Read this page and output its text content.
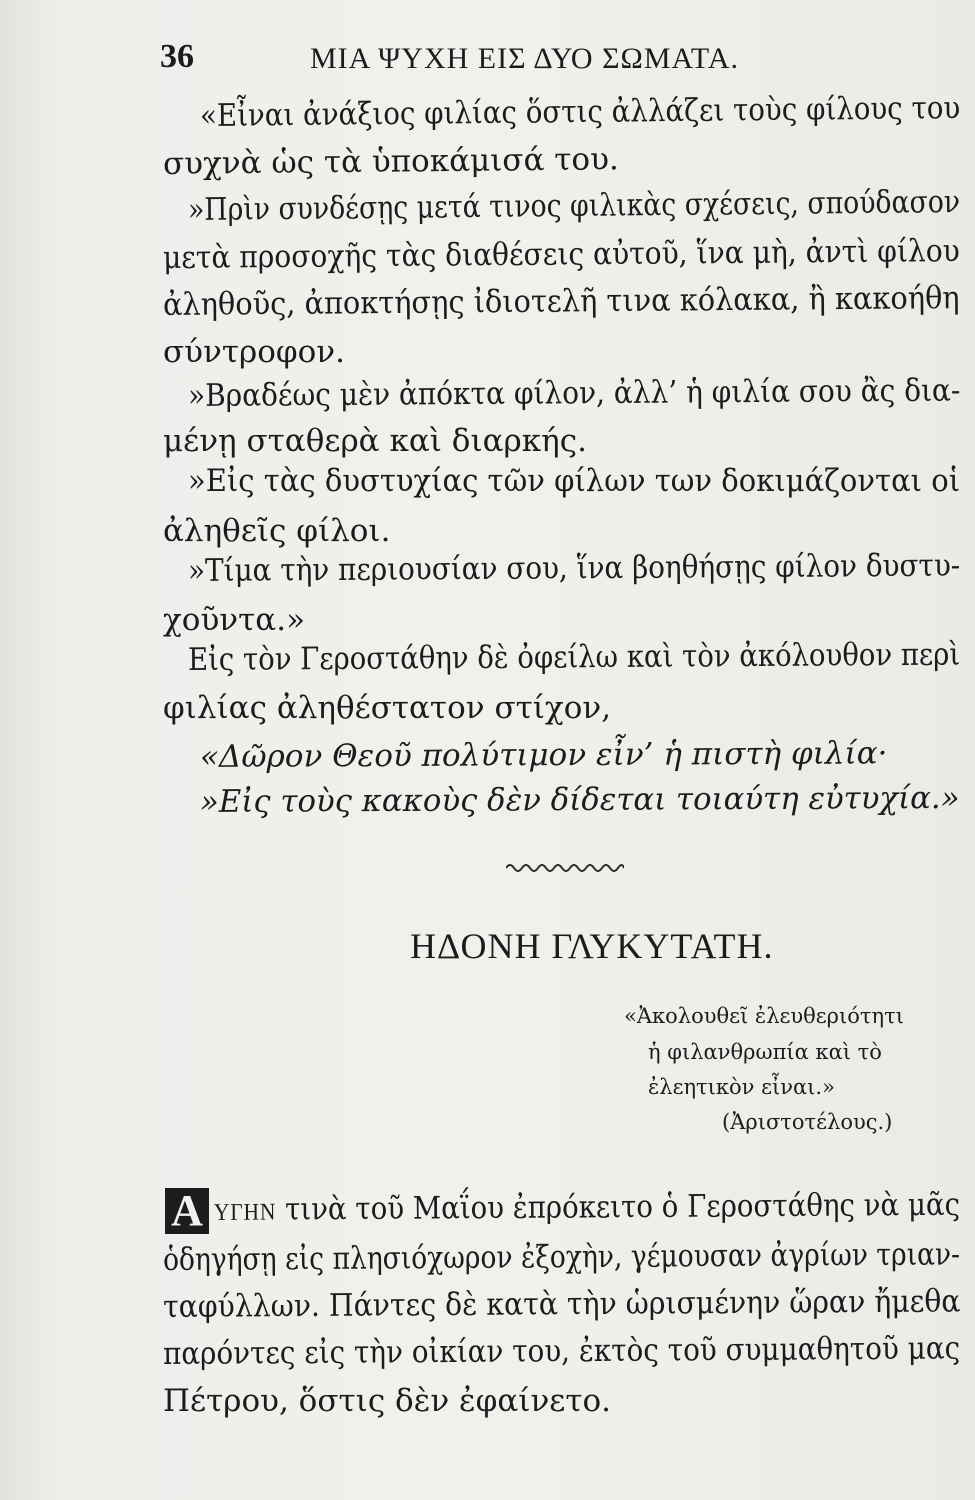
36	ΜΙΑ ΨΥΧΗ ΕΙΣ ΔΥΟ ΣΩΜΑΤΑ.
«Εἶναι ἀνάξιος φιλίας ὅστις ἀλλάζει τοὺς φίλους του
συχνὰ ὡς τὰ ὑποκάμισά του.
»Πρὶν συνδέσῃς μετά τινος φιλικὰς σχέσεις, σπούδασον
μετὰ προσοχῆς τὰς διαθέσεις αὐτοῦ, ἵνα μὴ, ἀντὶ φίλου
ἀληθοῦς, ἀποκτήσῃς ἰδιοτελῆ τινα κόλακα, ἢ κακοήθη
σύντροφον.
»Βραδέως μὲν ἀπόκτα φίλον, ἀλλ’ ἡ φιλία σου ἂς δια-
μένῃ σταθερὰ καὶ διαρκής.
»Εἰς τὰς δυστυχίας τῶν φίλων των δοκιμάζονται οἱ
ἀληθεῖς φίλοι.
»Τίμα τὴν περιουσίαν σου, ἵνα βοηθήσῃς φίλον δυστυ-
χοῦντα.»
Εἰς τὸν Γεροστάθην δὲ ὀφείλω καὶ τὸν ἀκόλουθον περὶ
φιλίας ἀληθέστατον στίχον,
«Δῶρον Θεοῦ πολύτιμον εἶν’ ἡ πιστὴ φιλία·
»Εἰς τοὺς κακοὺς δὲν δίδεται τοιαύτη εὐτυχία.»
ΗΔΟΝΗ ΓΛΥΚΥΤΑΤΗ.
«Ἀκολουθεῖ ἐλευθεριότητι
ἡ φιλανθρωπία καὶ τὸ
ἐλεητικὸν εἶναι.»
(Ἀριστοτέλους.)
Α ΥΓΗΝ τινὰ τοῦ Μαΐου ἐπρόκειτο ὁ Γεροστάθης νὰ μᾶς
ὁδηγήσῃ εἰς πλησιόχωρον ἐξοχὴν, γέμουσαν ἀγρίων τριαν-
ταφύλλων. Πάντες δὲ κατὰ τὴν ὡρισμένην ὥραν ἤμεθα
παρόντες εἰς τὴν οἰκίαν του, ἐκτὸς τοῦ συμμαθητοῦ μας
Πέτρου, ὅστις δὲν ἐφαίνετο.
